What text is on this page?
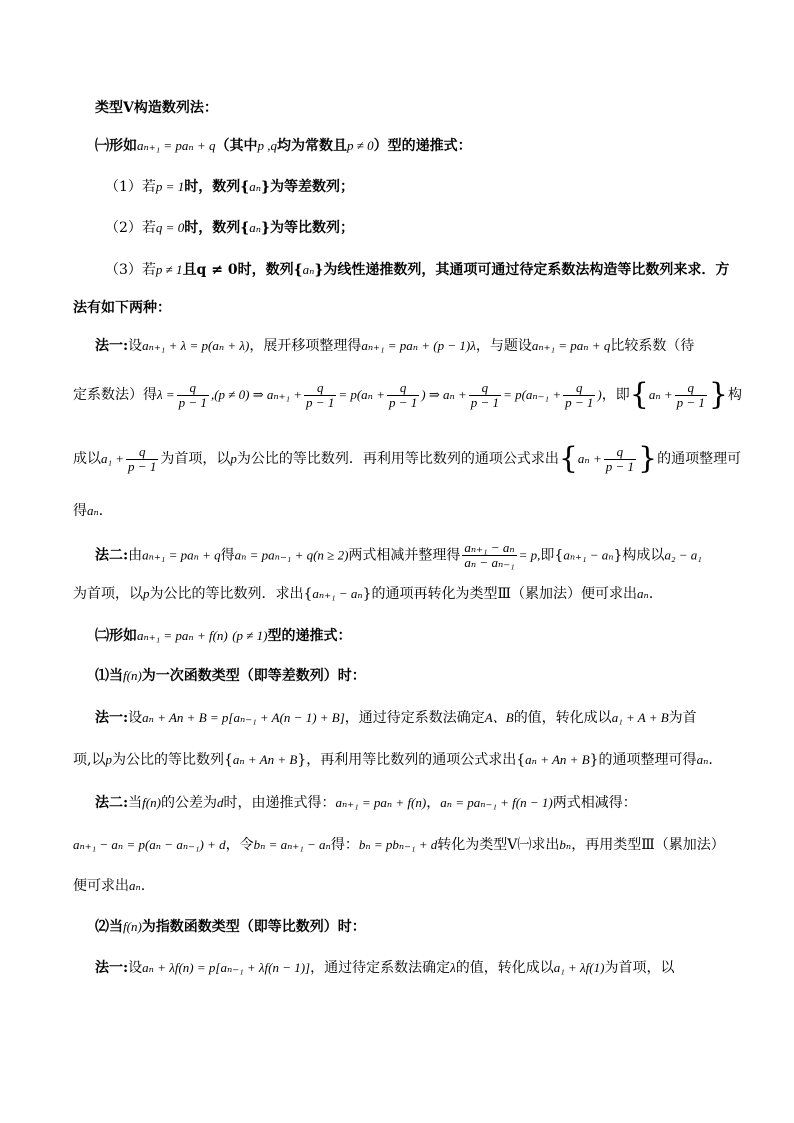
类型Ⅴ构造数列法：
㈠形如aₙ₊₁ = paₙ + q（其中p ,q均为常数且p ≠ 0）型的递推式：
（1）若p = 1时，数列{aₙ}为等差数列；
（2）若q = 0时，数列{aₙ}为等比数列；
（3）若p ≠ 1且q ≠ 0时，数列{aₙ}为线性递推数列，其通项可通过待定系数法构造等比数列来求．方
法有如下两种：
法一:设aₙ₊₁ + λ = p(aₙ + λ)，展开移项整理得aₙ₊₁ = paₙ + (p − 1)λ，与题设aₙ₊₁ = paₙ + q比较系数（待
定系数法）得$\lambda = \frac{q}{p - 1} ,(p \ne 0)$ ⇒ $a_{n+1} + \frac{q}{p - 1} = p(a_n + \frac{q}{p - 1}$ ) ⇒ $a_n + \frac{q}{p - 1} = p(a_{n-1} + \frac{q}{p - 1}$ )，即{$a_n + \frac{q}{p - 1}$ }构
成以$a_1 + \frac{q}{p - 1}$ 为首项，以p为公比的等比数列．再利用等比数列的通项公式求出{$a_n + \frac{q}{p - 1}$ }的通项整理可
得aₙ．
法二:由aₙ₊₁ = paₙ + q得aₙ = paₙ₋₁ + q(n ≥ 2)两式相减并整理得 $\frac{\text{aₙ₊₁ − aₙ}}{\text{aₙ − aₙ₋₁}} = p$,即{aₙ₊₁ − aₙ}构成以a₂ − a₁
为首项，以p为公比的等比数列．求出{aₙ₊₁ − aₙ}的通项再转化为类型Ⅲ（累加法）便可求出aₙ．
㈡形如aₙ₊₁ = paₙ + f(n) (p ≠ 1)型的递推式：
⑴当f(n)为一次函数类型（即等差数列）时：
法一:设aₙ + An + B = p[aₙ₋₁ + A(n − 1) + B]，通过待定系数法确定A、B的值，转化成以a₁ + A + B为首
项,以p为公比的等比数列{aₙ + An + B}，再利用等比数列的通项公式求出{aₙ + An + B}的通项整理可得aₙ.
法二:当f(n)的公差为d时，由递推式得：aₙ₊₁ = paₙ + f(n)，aₙ = paₙ₋₁ + f(n − 1)两式相减得：
aₙ₊₁ − aₙ = p(aₙ − aₙ₋₁) + d，令bₙ = aₙ₊₁ − aₙ得：bₙ = pbₙ₋₁ + d转化为类型Ⅴ㈠求出bₙ，再用类型Ⅲ（累加法）
便可求出aₙ.
⑵当f(n)为指数函数类型（即等比数列）时：
法一:设aₙ + λf(n) = p[aₙ₋₁ + λf(n − 1)]，通过待定系数法确定λ的值，转化成以a₁ + λf(1)为首项，以
